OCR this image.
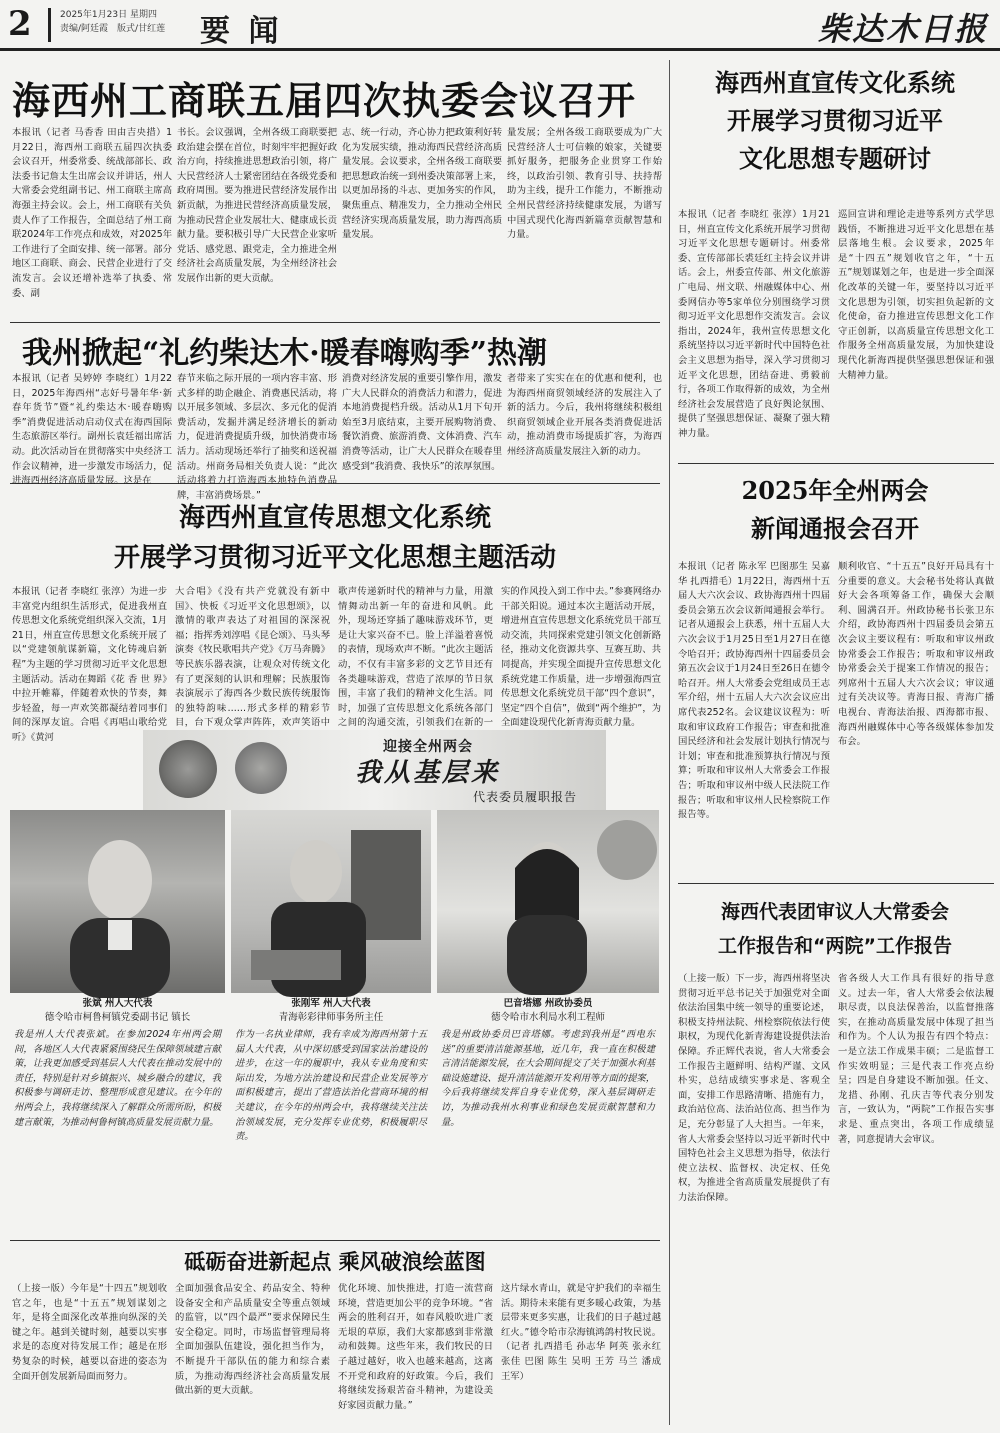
2	2025年1月23日 星期四
责编/阿廷霞　版式/甘红莲 要 闻	柴达木日报
海西州工商联五届四次执委会议召开
本报讯（记者 马香香 田由吉央措）1月22日，海西州工商联五届四次执委会议召开，州委常委、统战部部长、政法委书记詹太生出席会议并讲话，州人大常委会党组副书记、州工商联主席高海强主持会议。会上，州工商联有关负责人作了工作报告，全面总结了州工商联2024年工作亮点和成效，对2025年工作进行了全面安排、统一部署。部分地区工商联、商会、民营企业进行了交流发言。会议还增补选举了执委、常委、副
书长。会议强调，全州各级工商联要把政治建会摆在首位，时刻牢牢把握好政治方向，持续推进思想政治引领，将广大民营经济人士紧密团结在各级党委和政府周围。要为推进民营经济发展作出新贡献，为推进民营经济高质量发展，为推动民营企业发展壮大、健康成长贡献力量。要积极引导广大民营企业家听党话、感党恩、跟党走，全力推进全州经济社会高质量发展，为全州经济社会发展作出新的更大贡献。
志、统一行动，齐心协力把政策利好转化为发展实绩，推动海西民营经济高质量发展。会议要求，全州各级工商联要把思想政治统一到州委决策部署上来，以更加昂扬的斗志、更加务实的作风，聚焦重点、精准发力，全力推动全州民营经济实现高质量发展，助力海西高质量发展。
量发展；全州各级工商联要成为广大民营经济人士可信赖的娘家，关键要抓好服务，把服务企业贯穿工作始终，以政治引领、教育引导、扶持帮助为主线，提升工作能力，不断推动全州民营经济持续健康发展，为谱写中国式现代化海西新篇章贡献智慧和力量。
我州掀起“礼约柴达木·暖春嗨购季”热潮
本报讯（记者 吴婷婷 李晓红）1月22日，2025年海西州“志好号暑年华·新春年货节”暨“礼约柴达木·暖春嗨购季”消费促进活动启动仪式在海西国际生态旅游区举行。副州长袁廷福出席活动。此次活动旨在贯彻落实中央经济工作会议精神，进一步激发市场活力，促进海西州经济高质量发展。这是在
春节来临之际开展的一项内容丰富、形式多样的助企融企、消费惠民活动，将以开展多领域、多层次、多元化的促消费活动，发掘并满足经济增长的新动力，促进消费提质升级，加快消费市场活力。活动现场还举行了抽奖和送祝福活动。州商务局相关负责人说：“此次活动将着力打造海西本地特色消费品牌，丰富消费场景。”
消费对经济发展的重要引擎作用，激发广大人民群众的消费活力和潜力，促进本地消费提档升级。活动从1月下旬开始至3月底结束，主要开展购物消费、餐饮消费、旅游消费、文体消费、汽车消费等活动，让广大人民群众在暖春里感受到“我消费、我快乐”的浓厚氛围。
者带来了实实在在的优惠和便利，也为海西州商贸领域经济的发展注入了新的活力。今后，我州将继续积极组织商贸领域企业开展各类消费促进活动，推动消费市场提质扩容，为海西州经济高质量发展注入新的动力。
海西州直宣传思想文化系统
开展学习贯彻习近平文化思想主题活动
本报讯（记者 李晓红 张淳）为进一步丰富党内组织生活形式，促进我州直传思想文化系统党组织深入交流，1月21日，州直宣传思想文化系统开展了以“党建领航谋新篇，文化铸魂启新程”为主题的学习贯彻习近平文化思想主题活动。活动在舞蹈《花 香 世 界》中拉开帷幕，伴随着欢快的节奏，舞步轻盈，每一声欢笑都凝结着同事们间的深厚友谊。合唱《再唱山歌给党听》《黄河
大合唱》《没有共产党就没有新中国》、快板《习近平文化思想颂》，以激情的歌声表达了对祖国的深深祝福；指挥秀刘淳唱《昆仑颂》、马头琴演奏《牧民歌唱共产党》《万马奔腾》等民族乐器表演，让观众对传统文化有了更深刻的认识和理解；民族服饰表演展示了海西各少数民族传统服饰的独特韵味……形式多样的精彩节目，台下观众掌声阵阵，欢声笑语中
歌声传递新时代的精神与力量，用激情舞动出新一年的奋进和风帆。此外，现场还穿插了趣味游戏环节，更是让大家兴奋不已。脸上洋溢着喜悦的表情，现场欢声不断。“此次主题活动，不仅有丰富多彩的文艺节目还有各类趣味游戏，营造了浓厚的节日氛围，丰富了我们的精神文化生活。同时，加强了宣传思想文化系统各部门之间的沟通交流，引领我们在新的一
实的作风投入到工作中去。”参赛网络办干部关阳说。通过本次主题活动开展，增进州直宣传思想文化系统党员干部互动交流，共同探索党建引领文化创新路径，推动文化资源共享、互赛互助、共同提高，并实现全面提升宣传思想文化系统党建工作质量，进一步增强海西宣传思想文化系统党员干部“四个意识”，坚定“四个自信”，做到“两个维护”，为全面建设现代化新青海贡献力量。
迎接全州两会
我从基层来
代表委员履职报告
张斌 州人大代表
德令哈市柯鲁柯镇党委副书记 镇长
我是州人大代表张斌。在参加2024年州两会期间，各地区人大代表紧紧围绕民生保障领域建言献策，让我更加感受到基层人大代表在推动发展中的责任，特别是针对乡镇振兴、城乡融合的建议，我积极参与调研走访、整理形成意见建议。在今年的州两会上，我将继续深入了解群众所需所盼，积极建言献策，为推动柯鲁柯镇高质量发展贡献力量。
张刚军 州人大代表
青海彰彩律师事务所主任
作为一名执业律师，我有幸成为海西州第十五届人大代表，从中深切感受到国家法治建设的进步，在这一年的履职中，我从专业角度和实际出发，为地方法治建设和民营企业发展等方面积极建言，提出了营造法治化营商环境的相关建议，在今年的州两会中，我将继续关注法治领域发展，充分发挥专业优势，积极履职尽责。
巴音塔娜 州政协委员
德令哈市水利局水利工程师
我是州政协委员巴音塔娜。考虑到我州是“西电东送”的重要清洁能源基地，近几年，我一直在积极建言清洁能源发展，在大会期间提交了关于加强水利基础设施建设、提升清洁能源开发利用等方面的提案，今后我将继续发挥自身专业优势，深入基层调研走访，为推动我州水利事业和绿色发展贡献智慧和力量。
砥砺奋进新起点 乘风破浪绘蓝图
（上接一版）今年是“十四五”规划收官之年，也是“十五五”规划谋划之年，是将全面深化改革推向纵深的关键之年。越到关键时刻，越要以实事求是的态度对待发展工作；越是在形势复杂的时候，越要以奋进的姿态为全面开创发展新局面而努力。
全面加强食品安全、药品安全、特种设备安全和产品质量安全等重点领域的监管，以“四个最严”要求保障民生安全稳定。同时，市场监督管理局将全面加强队伍建设，强化担当作为，不断提升干部队伍的能力和综合素质，为推动海西经济社会高质量发展做出新的更大贡献。
优化环境、加快推进，打造一流营商环境，营造更加公平的竞争环境。“省两会的胜利召开，如春风般吹进广袤无垠的草原，我们大家都感到非常激动和鼓舞。这些年来，我们牧民的日子越过越好，收入也越来越高，这离不开党和政府的好政策。今后，我们将继续发扬艰苦奋斗精神，为建设美好家园贡献力量。”
这片绿水青山，就是守护我们的幸福生活。期待未来能有更多暖心政策，为基层带来更多实惠，让我们的日子越过越红火。”德令哈市尕海镇鸿鸽村牧民说。（记者 扎西措毛 孙志华 阿英 张永红 张佳 巴图 陈生 吴明 王芳 马兰 潘成 王军）
海西州直宣传文化系统
开展学习贯彻习近平
文化思想专题研讨
本报讯（记者 李晓红 张淳）1月21日，州直宣传文化系统开展学习贯彻习近平文化思想专题研讨。州委常委、宣传部部长裘廷红主持会议并讲话。会上，州委宣传部、州文化旅游广电局、州文联、州融媒体中心、州委网信办等5家单位分别围绕学习贯彻习近平文化思想作交流发言。会议指出，2024年，我州宣传思想文化系统坚持以习近平新时代中国特色社会主义思想为指导，深入学习贯彻习近平文化思想，团结奋进、勇毅前行，各项工作取得新的成效，为全州经济社会发展营造了良好舆论氛围、提供了坚强思想保证、凝聚了强大精神力量。
巡回宣讲和理论走进等系列方式学思践悟，不断推进习近平文化思想在基层落地生根。会议要求，2025年是“十四五”规划收官之年，“十五五”规划谋划之年，也是进一步全面深化改革的关键一年，要坚持以习近平文化思想为引领，切实担负起新的文化使命，奋力推进宣传思想文化工作守正创新，以高质量宣传思想文化工作服务全州高质量发展，为加快建设现代化新海西提供坚强思想保证和强大精神力量。
2025年全州两会
新闻通报会召开
本报讯（记者 陈永军 巴图那生 吴嘉华 扎西措毛）1月22日，海西州十五届人大六次会议、政协海西州十四届委员会第五次会议新闻通报会举行。记者从通报会上获悉，州十五届人大六次会议于1月25日至1月27日在德令哈召开；政协海西州十四届委员会第五次会议于1月24日至26日在德令哈召开。州人大常委会党组成员王志军介绍，州十五届人大六次会议应出席代表252名。会议建议议程为：听取和审议政府工作报告；审查和批准国民经济和社会发展计划执行情况与计划；审查和批准预算执行情况与预算；听取和审议州人大常委会工作报告；听取和审议州中级人民法院工作报告；听取和审议州人民检察院工作报告等。
顺利收官、“十五五”良好开局具有十分重要的意义。大会秘书处将认真做好大会各项筹备工作，确保大会顺利、圆满召开。州政协秘书长张卫东介绍，政协海西州十四届委员会第五次会议主要议程有：听取和审议州政协常委会工作报告；听取和审议州政协常委会关于提案工作情况的报告；列席州十五届人大六次会议；审议通过有关决议等。青海日报、青海广播电视台、青海法治报、西海都市报、海西州融媒体中心等各级媒体参加发布会。
海西代表团审议人大常委会
工作报告和“两院”工作报告
（上接一版）下一步，海西州将坚决贯彻习近平总书记关于加强党对全面依法治国集中统一领导的重要论述，积极支持州法院、州检察院依法行使职权，为现代化新青海建设提供法治保障。乔正辉代表说，省人大常委会工作报告主题鲜明、结构严谨、文风朴实，总结成绩实事求是、客观全面，安排工作思路清晰、措施有力，政治站位高、法治站位高、担当作为足，充分彰显了人大担当。一年来，省人大常委会坚持以习近平新时代中国特色社会主义思想为指导，依法行使立法权、监督权、决定权、任免权，为推进全省高质量发展提供了有力法治保障。
省各级人大工作具有很好的指导意义。过去一年，省人大常委会依法履职尽责，以良法保善治，以监督推落实，在推动高质量发展中体现了担当和作为。个人认为报告有四个特点：一是立法工作成果丰硕；二是监督工作实效明显；三是代表工作亮点纷呈；四是自身建设不断加强。任文、龙措、孙刚、孔庆吉等代表分别发言，一致认为，“两院”工作报告实事求是、重点突出，各项工作成绩显著，同意提请大会审议。
